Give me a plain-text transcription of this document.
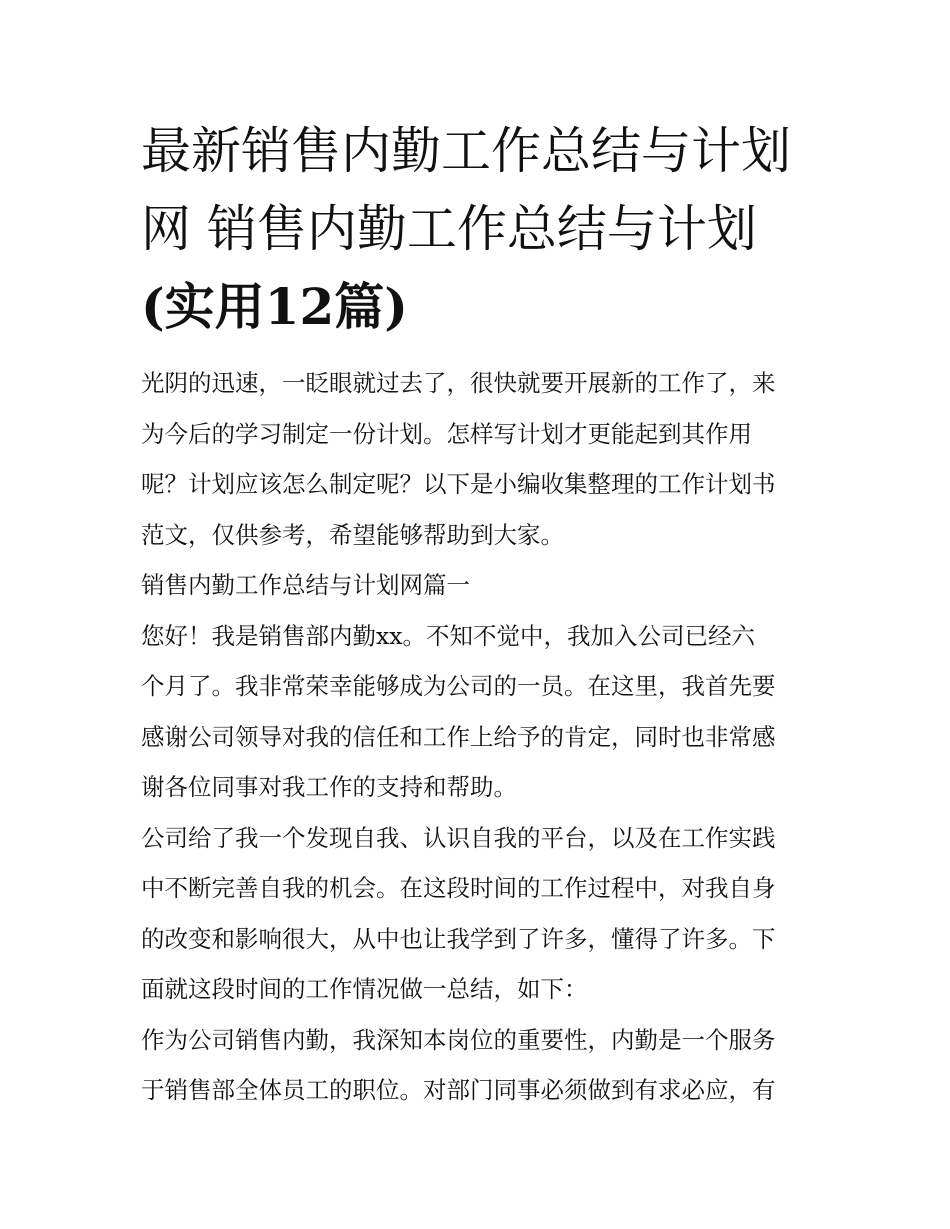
最新销售内勤工作总结与计划
网 销售内勤工作总结与计划
(实用12篇)

光阴的迅速，一眨眼就过去了，很快就要开展新的工作了，来
为今后的学习制定一份计划。怎样写计划才更能起到其作用
呢？计划应该怎么制定呢？以下是小编收集整理的工作计划书
范文，仅供参考，希望能够帮助到大家。

销售内勤工作总结与计划网篇一

您好！我是销售部内勤xx。不知不觉中，我加入公司已经六
个月了。我非常荣幸能够成为公司的一员。在这里，我首先要
感谢公司领导对我的信任和工作上给予的肯定，同时也非常感
谢各位同事对我工作的支持和帮助。

公司给了我一个发现自我、认识自我的平台，以及在工作实践
中不断完善自我的机会。在这段时间的工作过程中，对我自身
的改变和影响很大，从中也让我学到了许多，懂得了许多。下
面就这段时间的工作情况做一总结，如下：

作为公司销售内勤，我深知本岗位的重要性，内勤是一个服务
于销售部全体员工的职位。对部门同事必须做到有求必应，有
